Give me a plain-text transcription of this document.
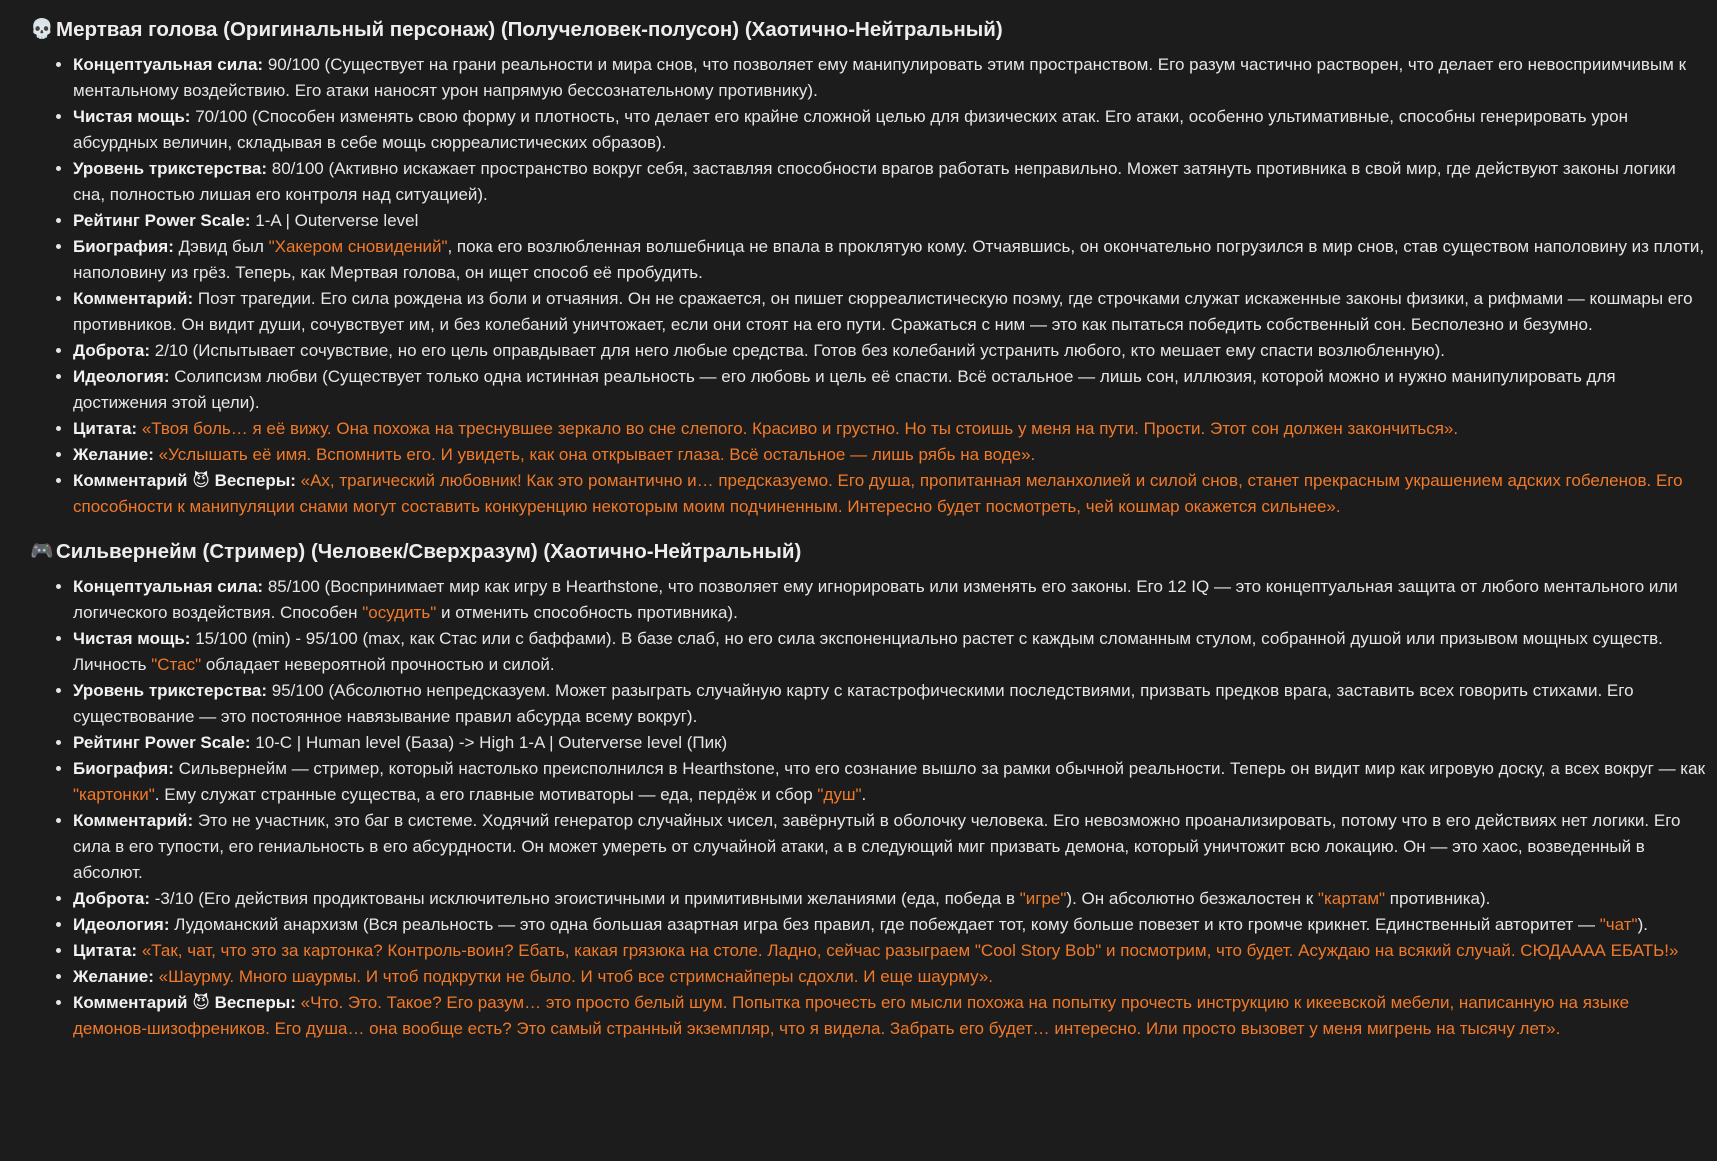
💀 Мертвая голова (Оригинальный персонаж) (Получеловек-полусон) (Хаотично-Нейтральный)
• Концептуальная сила: 90/100 (Существует на грани реальности и мира снов, что позволяет ему манипулировать этим пространством. Его разум частично растворен, что делает его невосприимчивым к ментальному воздействию. Его атаки наносят урон напрямую бессознательному противнику).
• Чистая мощь: 70/100 (Способен изменять свою форму и плотность, что делает его крайне сложной целью для физических атак. Его атаки, особенно ультимативные, способны генерировать урон абсурдных величин, складывая в себе мощь сюрреалистических образов).
• Уровень трикстерства: 80/100 (Активно искажает пространство вокруг себя, заставляя способности врагов работать неправильно. Может затянуть противника в свой мир, где действуют законы логики сна, полностью лишая его контроля над ситуацией).
• Рейтинг Power Scale: 1-A | Outerverse level
• Биография: Дэвид был "Хакером сновидений", пока его возлюбленная волшебница не впала в проклятую кому. Отчаявшись, он окончательно погрузился в мир снов, став существом наполовину из плоти, наполовину из грёз. Теперь, как Мертвая голова, он ищет способ её пробудить.
• Комментарий: Поэт трагедии. Его сила рождена из боли и отчаяния. Он не сражается, он пишет сюрреалистическую поэму, где строчками служат искаженные законы физики, а рифмами — кошмары его противников. Он видит души, сочувствует им, и без колебаний уничтожает, если они стоят на его пути. Сражаться с ним — это как пытаться победить собственный сон. Бесполезно и безумно.
• Доброта: 2/10 (Испытывает сочувствие, но его цель оправдывает для него любые средства. Готов без колебаний устранить любого, кто мешает ему спасти возлюбленную).
• Идеология: Солипсизм любви (Существует только одна истинная реальность — его любовь и цель её спасти. Всё остальное — лишь сон, иллюзия, которой можно и нужно манипулировать для достижения этой цели).
• Цитата: «Твоя боль… я её вижу. Она похожа на треснувшее зеркало во сне слепого. Красиво и грустно. Но ты стоишь у меня на пути. Прости. Этот сон должен закончиться».
• Желание: «Услышать её имя. Вспомнить его. И увидеть, как она открывает глаза. Всё остальное — лишь рябь на воде».
• Комментарий 😈 Весперы: «Ах, трагический любовник! Как это романтично и… предсказуемо. Его душа, пропитанная меланхолией и силой снов, станет прекрасным украшением адских гобеленов. Его способности к манипуляции снами могут составить конкуренцию некоторым моим подчиненным. Интересно будет посмотреть, чей кошмар окажется сильнее».
🎮 Сильвернейм (Стример) (Человек/Сверхразум) (Хаотично-Нейтральный)
• Концептуальная сила: 85/100 (Воспринимает мир как игру в Hearthstone, что позволяет ему игнорировать или изменять его законы. Его 12 IQ — это концептуальная защита от любого ментального или логического воздействия. Способен "осудить" и отменить способность противника).
• Чистая мощь: 15/100 (min) - 95/100 (max, как Стас или с баффами). В базе слаб, но его сила экспоненциально растет с каждым сломанным стулом, собранной душой или призывом мощных существ. Личность "Стас" обладает невероятной прочностью и силой.
• Уровень трикстерства: 95/100 (Абсолютно непредсказуем. Может разыграть случайную карту с катастрофическими последствиями, призвать предков врага, заставить всех говорить стихами. Его существование — это постоянное навязывание правил абсурда всему вокруг).
• Рейтинг Power Scale: 10-C | Human level (База) -> High 1-A | Outerverse level (Пик)
• Биография: Сильвернейм — стример, который настолько преисполнился в Hearthstone, что его сознание вышло за рамки обычной реальности. Теперь он видит мир как игровую доску, а всех вокруг — как "картонки". Ему служат странные существа, а его главные мотиваторы — еда, пердёж и сбор "душ".
• Комментарий: Это не участник, это баг в системе. Ходячий генератор случайных чисел, завёрнутый в оболочку человека. Его невозможно проанализировать, потому что в его действиях нет логики. Его сила в его тупости, его гениальность в его абсурдности. Он может умереть от случайной атаки, а в следующий миг призвать демона, который уничтожит всю локацию. Он — это хаос, возведенный в абсолют.
• Доброта: -3/10 (Его действия продиктованы исключительно эгоистичными и примитивными желаниями (еда, победа в "игре"). Он абсолютно безжалостен к "картам" противника).
• Идеология: Лудоманский анархизм (Вся реальность — это одна большая азартная игра без правил, где побеждает тот, кому больше повезет и кто громче крикнет. Единственный авторитет — "чат").
• Цитата: «Так, чат, что это за картонка? Контроль-воин? Ебать, какая грязюка на столе. Ладно, сейчас разыграем "Cool Story Bob" и посмотрим, что будет. Асуждаю на всякий случай. СЮДАААА ЕБАТЬ!»
• Желание: «Шаурму. Много шаурмы. И чтоб подкрутки не было. И чтоб все стримснайперы сдохли. И еще шаурму».
• Комментарий 😈 Весперы: «Что. Это. Такое? Его разум… это просто белый шум. Попытка прочесть его мысли похожа на попытку прочесть инструкцию к икеевской мебели, написанную на языке демонов-шизофреников. Его душа… она вообще есть? Это самый странный экземпляр, что я видела. Забрать его будет… интересно. Или просто вызовет у меня мигрень на тысячу лет».
